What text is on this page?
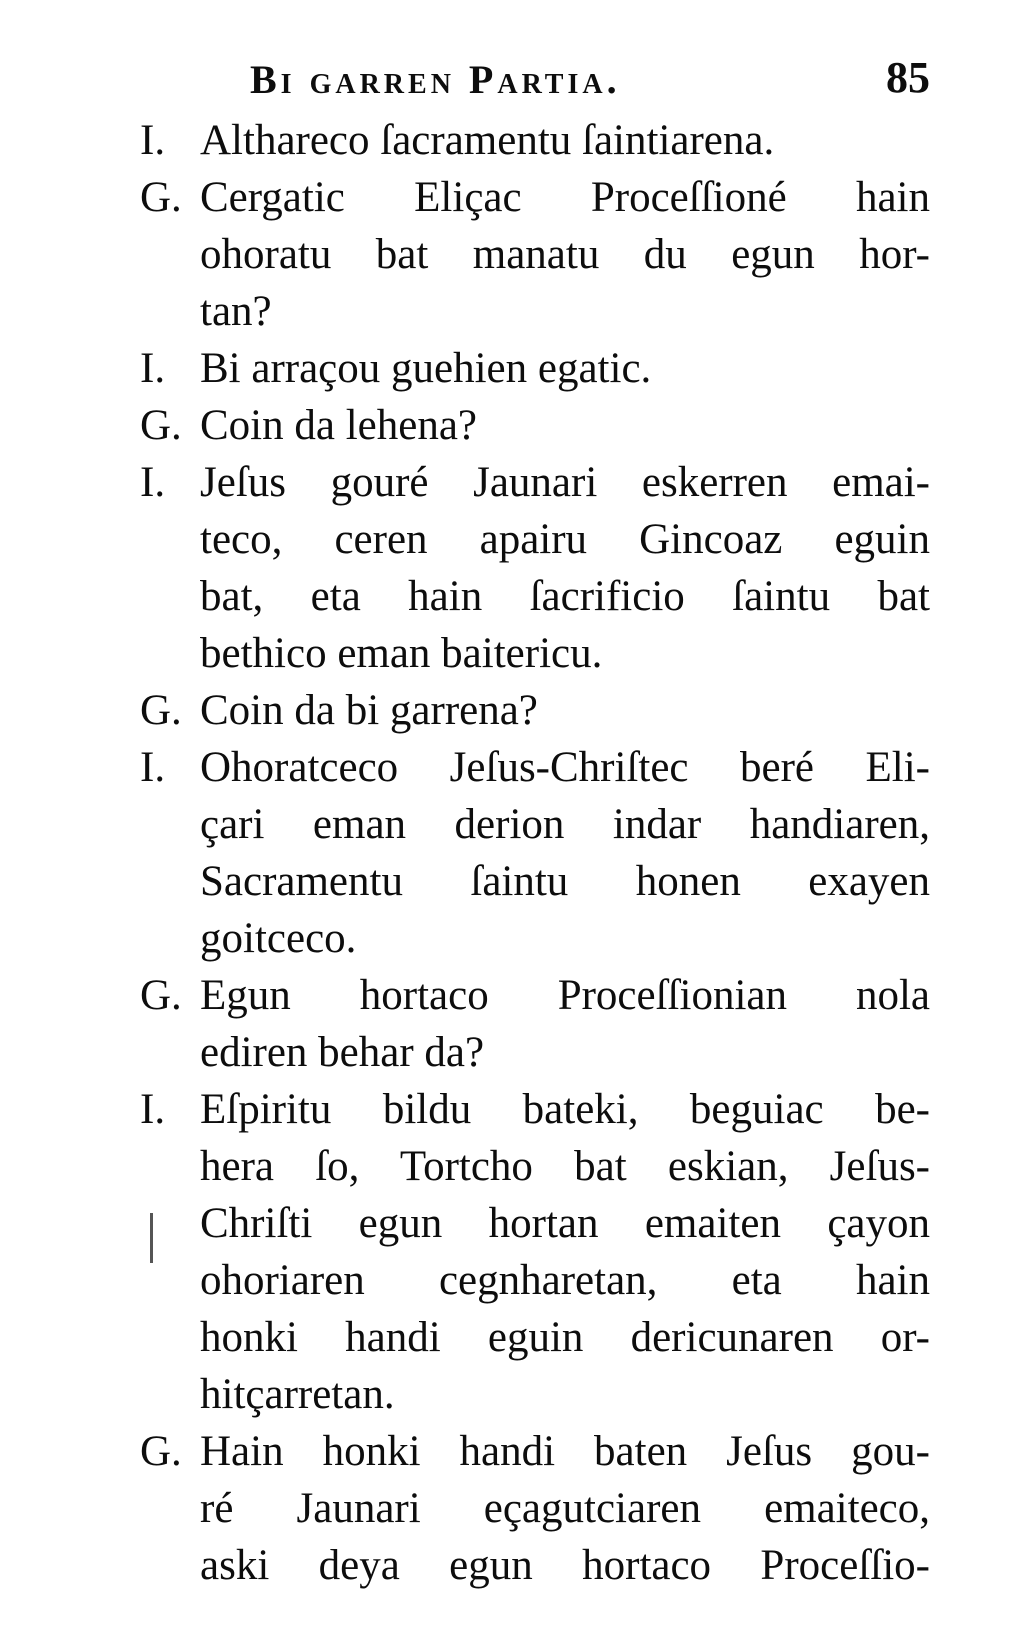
Bi garren Partia.	85

I. Althareco ſacramentu ſaintiarena.

G. Cergatic Eliçac Proceſſioné hain
ohoratu bat manatu du egun hor-
tan?

I. Bi arraçou guehien egatic.

G. Coin da lehena?

I. Jeſus gouré Jaunari eskerren emai-
teco, ceren apairu Gincoaz eguin
bat, eta hain ſacrificio ſaintu bat
bethico eman baitericu.

G. Coin da bi garrena?

I. Ohoratceco Jeſus-Chriſtec beré Eli-
çari eman derion indar handiaren,
Sacramentu ſaintu honen exayen
goitceco.

G. Egun hortaco Proceſſionian nola
ediren behar da?

I. Eſpiritu bildu bateki, beguiac be-
hera ſo, Tortcho bat eskian, Jeſus-
Chriſti egun hortan emaiten çayon
ohoriaren cegnharetan, eta hain
honki handi eguin dericunaren or-
hitçarretan.

G. Hain honki handi baten Jeſus gou-
ré Jaunari eçagutciaren emaiteco,
aski deya egun hortaco Proceſſio-
